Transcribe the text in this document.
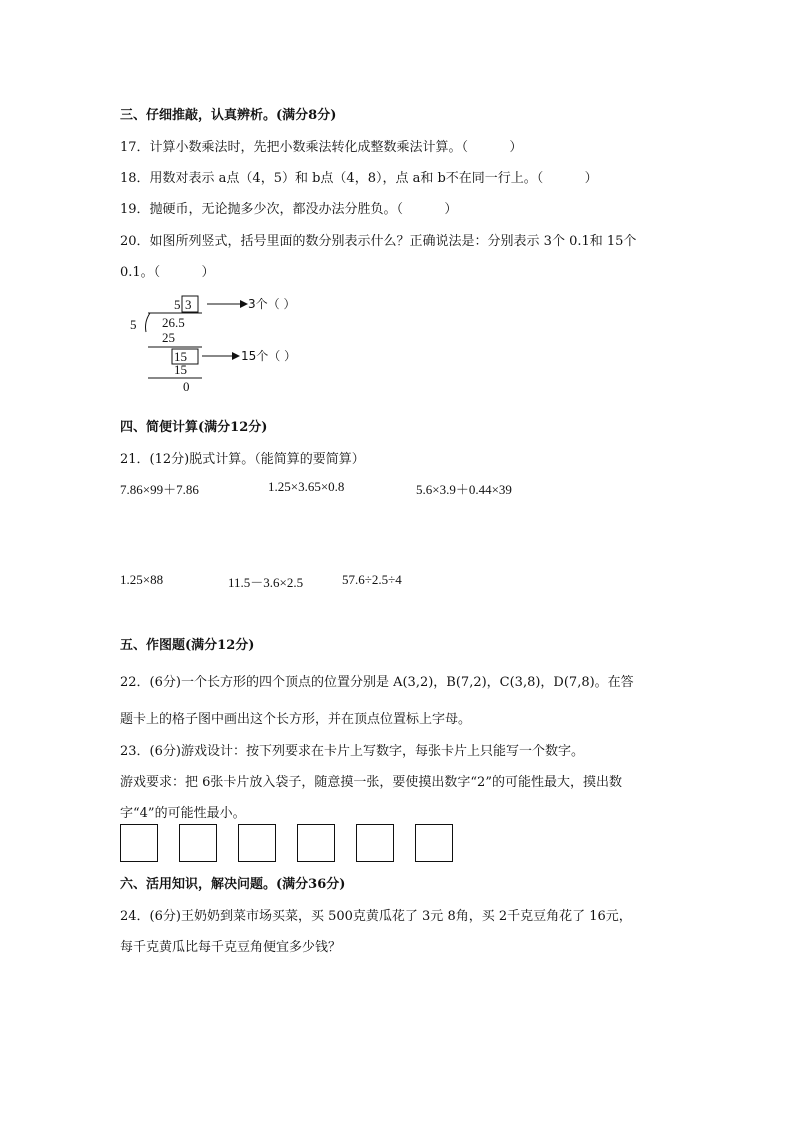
三、仔细推敲，认真辨析。(满分8分)
17．计算小数乘法时，先把小数乘法转化成整数乘法计算。（          ）
18．用数对表示 a点（4，5）和 b点（4，8），点 a和 b不在同一行上。（          ）
19．抛硬币，无论抛多少次，都没办法分胜负。（          ）
20．如图所列竖式，括号里面的数分别表示什么？正确说法是：分别表示 3个 0.1和 15个
0.1。（          ）
5 3	3个（ ）
5 26.5
25
15	15个（ ）
15
0
四、简便计算(满分12分)
21．(12分)脱式计算。（能简算的要简算）
7.86×99＋7.86	1.25×3.65×0.8	5.6×3.9＋0.44×39
1.25×88	11.5－3.6×2.5	57.6÷2.5÷4
五、作图题(满分12分)
22．(6分)一个长方形的四个顶点的位置分别是 A(3,2)，B(7,2)，C(3,8)，D(7,8)。在答
题卡上的格子图中画出这个长方形，并在顶点位置标上字母。
23．(6分)游戏设计：按下列要求在卡片上写数字，每张卡片上只能写一个数字。
游戏要求：把 6张卡片放入袋子，随意摸一张，要使摸出数字“2”的可能性最大，摸出数
字“4”的可能性最小。
六、活用知识，解决问题。(满分36分)
24．(6分)王奶奶到菜市场买菜，买 500克黄瓜花了 3元 8角，买 2千克豆角花了 16元，
每千克黄瓜比每千克豆角便宜多少钱？
